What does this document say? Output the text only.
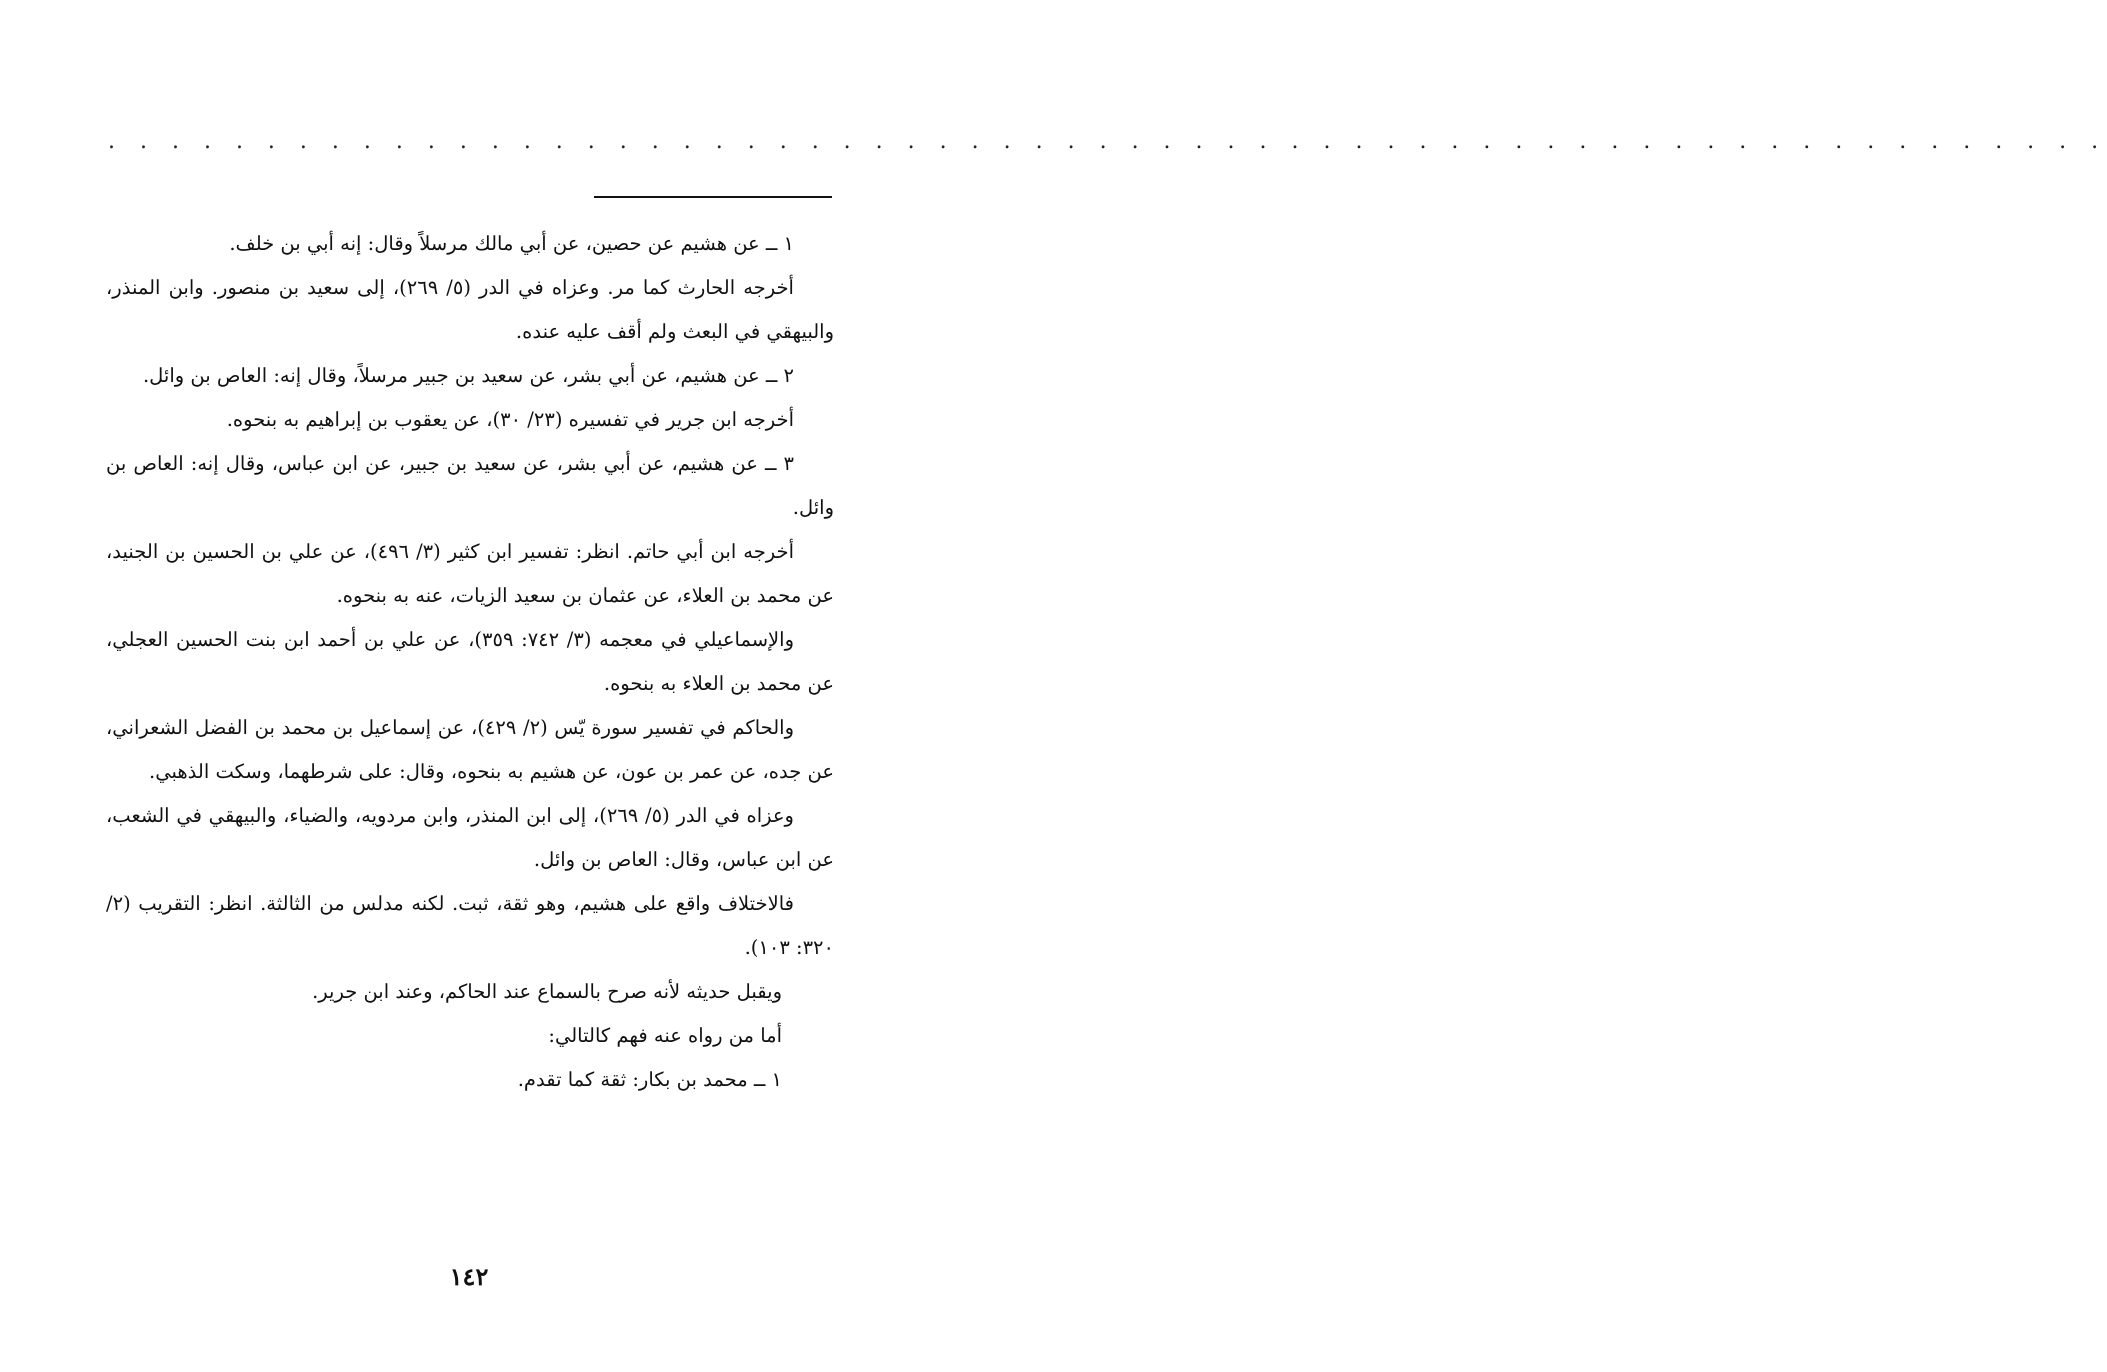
. . . . . . . . . . . . . . . . . . . . . . . . . . . . . . . . . . . . . . . . . . . . . . . . . . . . . . . . . . . . . . .

١ ــ عن هشيم عن حصين، عن أبي مالك مرسلاً وقال: إنه أبي بن خلف.

أخرجه الحارث كما مر. وعزاه في الدر (٥/ ٢٦٩)، إلى سعيد بن منصور. وابن المنذر، والبيهقي في البعث ولم أقف عليه عنده.

٢ ــ عن هشيم، عن أبي بشر، عن سعيد بن جبير مرسلاً، وقال إنه: العاص بن وائل.

أخرجه ابن جرير في تفسيره (٢٣/ ٣٠)، عن يعقوب بن إبراهيم به بنحوه.

٣ ــ عن هشيم، عن أبي بشر، عن سعيد بن جبير، عن ابن عباس، وقال إنه: العاص بن وائل.

أخرجه ابن أبي حاتم. انظر: تفسير ابن كثير (٣/ ٤٩٦)، عن علي بن الحسين بن الجنيد، عن محمد بن العلاء، عن عثمان بن سعيد الزيات، عنه به بنحوه.

والإسماعيلي في معجمه (٣/ ٧٤٢: ٣٥٩)، عن علي بن أحمد ابن بنت الحسين العجلي، عن محمد بن العلاء به بنحوه.

والحاكم في تفسير سورة يّس (٢/ ٤٢٩)، عن إسماعيل بن محمد بن الفضل الشعراني، عن جده، عن عمر بن عون، عن هشيم به بنحوه، وقال: على شرطهما، وسكت الذهبي.

وعزاه في الدر (٥/ ٢٦٩)، إلى ابن المنذر، وابن مردويه، والضياء، والبيهقي في الشعب، عن ابن عباس، وقال: العاص بن وائل.

فالاختلاف واقع على هشيم، وهو ثقة، ثبت. لكنه مدلس من الثالثة. انظر: التقريب (٢/ ٣٢٠: ١٠٣).

ويقبل حديثه لأنه صرح بالسماع عند الحاكم، وعند ابن جرير.

أما من رواه عنه فهم كالتالي:

١ ــ محمد بن بكار: ثقة كما تقدم.

١٤٢
